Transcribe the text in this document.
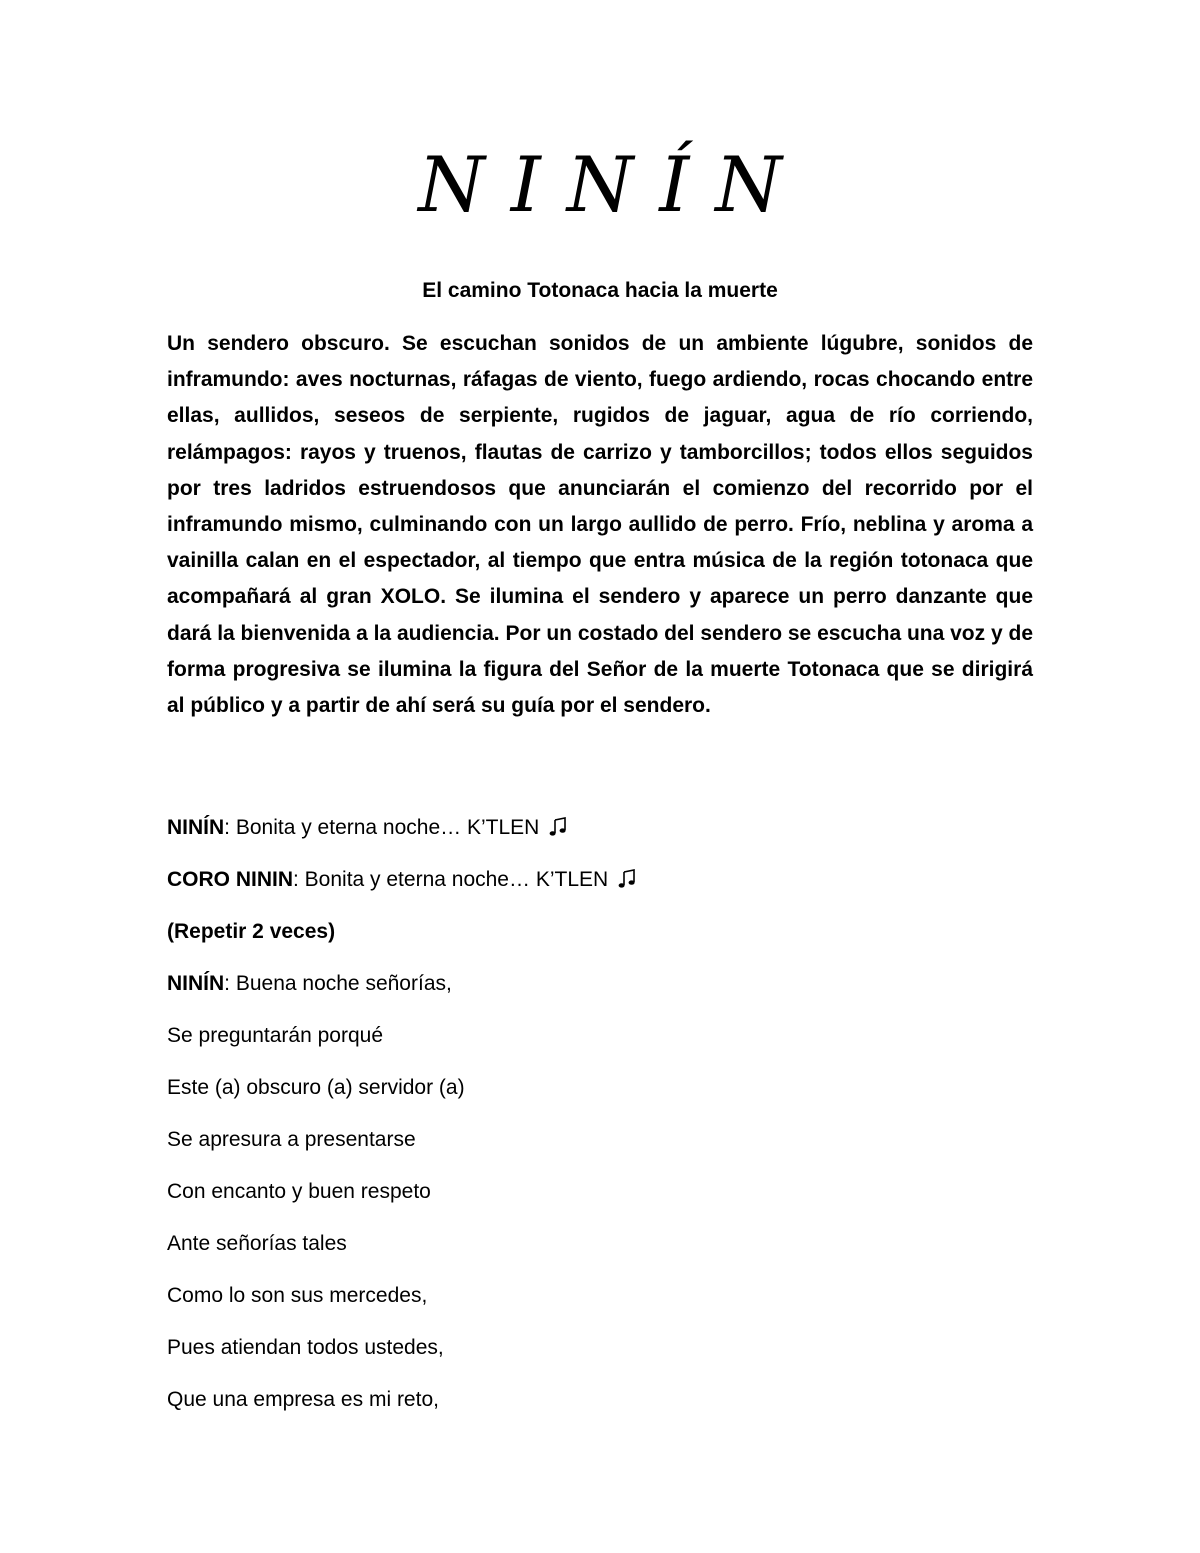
NINÍN
El camino Totonaca hacia la muerte
Un sendero obscuro. Se escuchan sonidos de un ambiente lúgubre, sonidos de inframundo: aves nocturnas, ráfagas de viento, fuego ardiendo, rocas chocando entre ellas, aullidos, seseos de serpiente, rugidos de jaguar, agua de río corriendo, relámpagos: rayos y truenos, flautas de carrizo y tamborcillos; todos ellos seguidos por tres ladridos estruendosos que anunciarán el comienzo del recorrido por el inframundo mismo, culminando con un largo aullido de perro. Frío, neblina y aroma a vainilla calan en el espectador, al tiempo que entra música de la región totonaca que acompañará al gran XOLO. Se ilumina el sendero y aparece un perro danzante que dará la bienvenida a la audiencia. Por un costado del sendero se escucha una voz y de forma progresiva se ilumina la figura del Señor de la muerte Totonaca que se dirigirá al público y a partir de ahí será su guía por el sendero.
NINÍN: Bonita y eterna noche… K’TLEN
CORO NININ: Bonita y eterna noche… K’TLEN
(Repetir 2 veces)
NINÍN: Buena noche señorías,
Se preguntarán porqué
Este (a) obscuro (a) servidor (a)
Se apresura a presentarse
Con encanto y buen respeto
Ante señorías tales
Como lo son sus mercedes,
Pues atiendan todos ustedes,
Que una empresa es mi reto,
